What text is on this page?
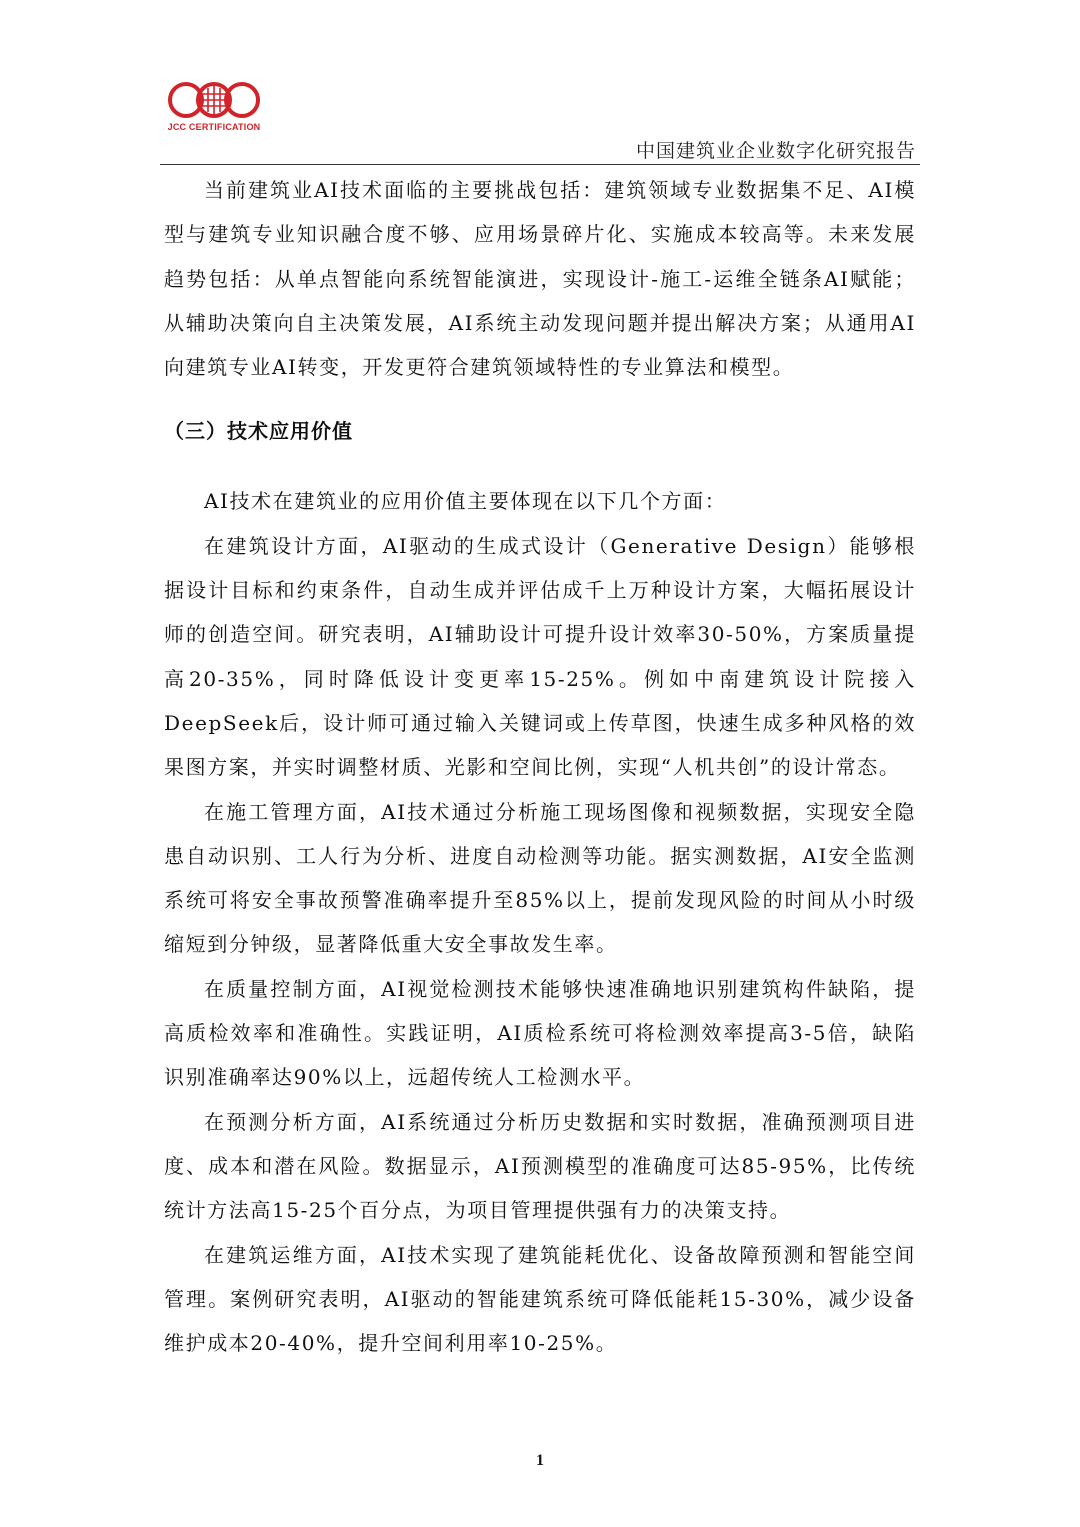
JCC CERTIFICATION
中国建筑业企业数字化研究报告

当前建筑业AI技术面临的主要挑战包括：建筑领域专业数据集不足、AI模型与建筑专业知识融合度不够、应用场景碎片化、实施成本较高等。未来发展趋势包括：从单点智能向系统智能演进，实现设计-施工-运维全链条AI赋能；从辅助决策向自主决策发展，AI系统主动发现问题并提出解决方案；从通用AI向建筑专业AI转变，开发更符合建筑领域特性的专业算法和模型。

（三）技术应用价值

AI技术在建筑业的应用价值主要体现在以下几个方面：

在建筑设计方面，AI驱动的生成式设计（Generative Design）能够根据设计目标和约束条件，自动生成并评估成千上万种设计方案，大幅拓展设计师的创造空间。研究表明，AI辅助设计可提升设计效率30-50%，方案质量提高20-35%，同时降低设计变更率15-25%。例如中南建筑设计院接入DeepSeek后，设计师可通过输入关键词或上传草图，快速生成多种风格的效果图方案，并实时调整材质、光影和空间比例，实现“人机共创”的设计常态。

在施工管理方面，AI技术通过分析施工现场图像和视频数据，实现安全隐患自动识别、工人行为分析、进度自动检测等功能。据实测数据，AI安全监测系统可将安全事故预警准确率提升至85%以上，提前发现风险的时间从小时级缩短到分钟级，显著降低重大安全事故发生率。

在质量控制方面，AI视觉检测技术能够快速准确地识别建筑构件缺陷，提高质检效率和准确性。实践证明，AI质检系统可将检测效率提高3-5倍，缺陷识别准确率达90%以上，远超传统人工检测水平。

在预测分析方面，AI系统通过分析历史数据和实时数据，准确预测项目进度、成本和潜在风险。数据显示，AI预测模型的准确度可达85-95%，比传统统计方法高15-25个百分点，为项目管理提供强有力的决策支持。

在建筑运维方面，AI技术实现了建筑能耗优化、设备故障预测和智能空间管理。案例研究表明，AI驱动的智能建筑系统可降低能耗15-30%，减少设备维护成本20-40%，提升空间利用率10-25%。

1
